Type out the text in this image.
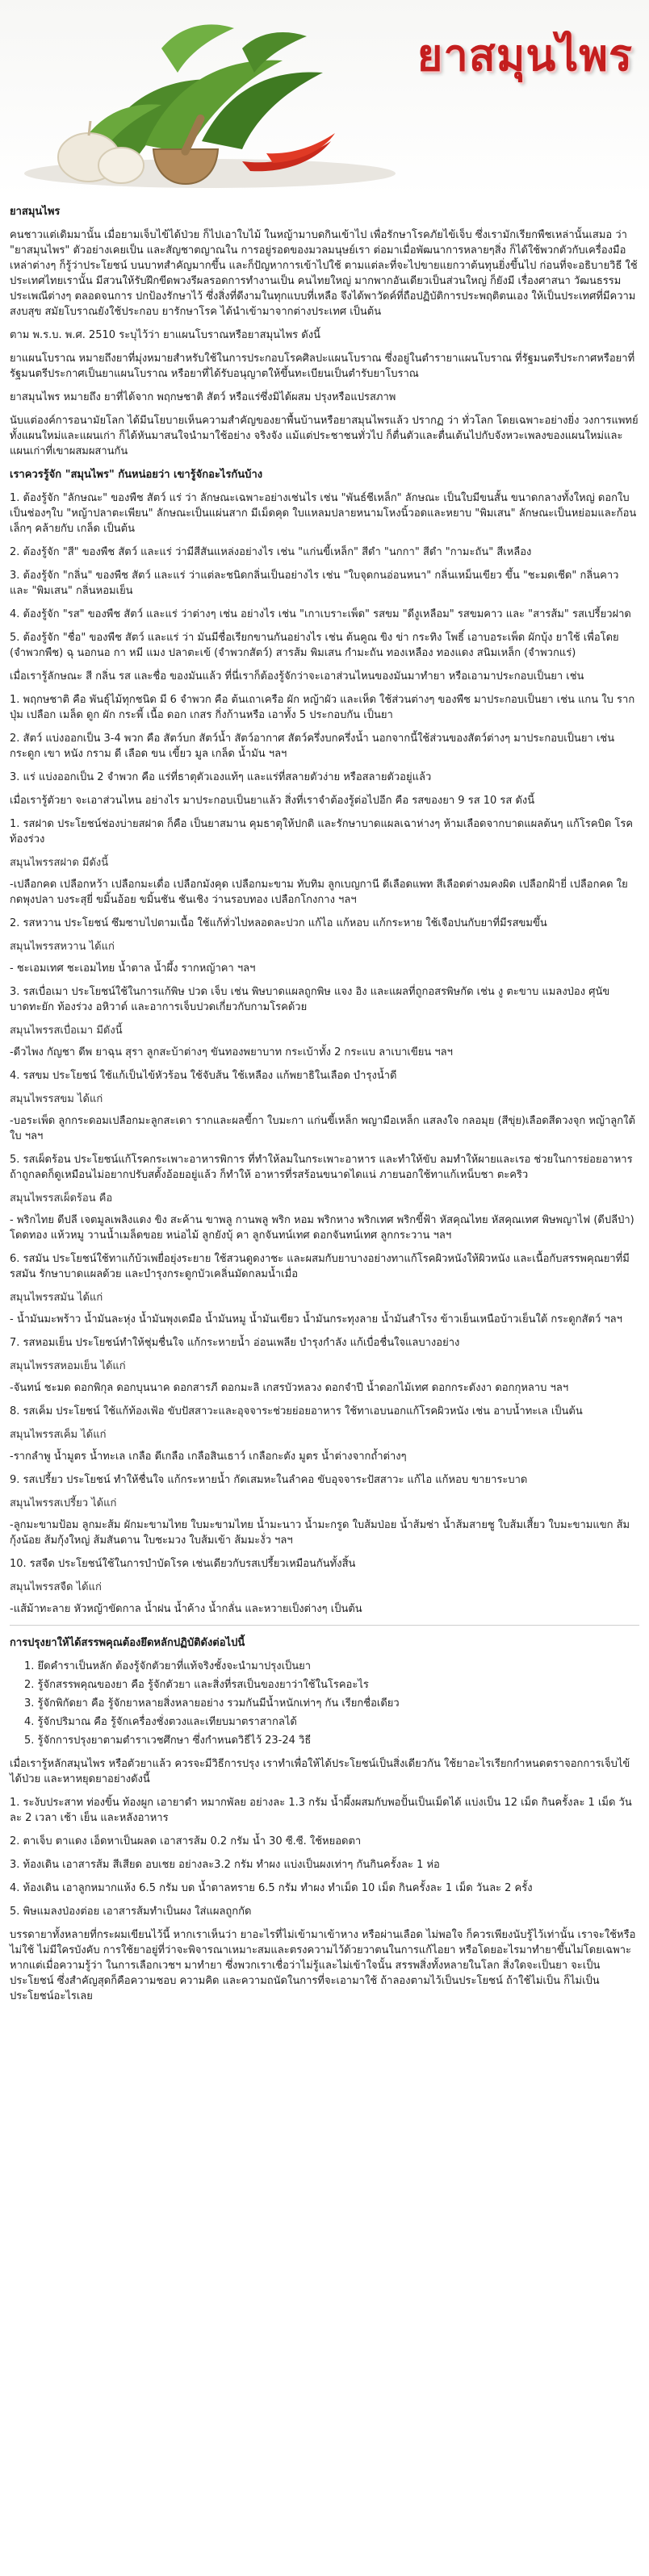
ยาสมุนไพร

ยาสมุนไพร

คนชาวแต่เดิมมานั้น เมื่อยามเจ็บไข้ได้ป่วย ก็ไปเอาใบไม้ ในหญ้ามาบดกินเข้าไป เพื่อรักษาโรคภัยไข้เจ็บ ซึ่งเรามักเรียกพืชเหล่านั้นเสมอ ว่า "ยาสมุนไพร" ตัวอย่างเคยเป็น และสัญชาตญาณใน การอยู่รอดของมวลมนุษย์เรา ต่อมาเมื่อพัฒนาการหลายๆสิ่ง ก็ได้ใช้พวกตัวกับเครื่องมือเหล่าต่างๆ ก็รู้ว่าประโยชน์ บนบาทสำคัญมากขึ้น และก็ปัญหาการเข้าไปใช้ ตามแต่ละที่จะไปขายแยกวาต้นทุนยิ่งขึ้นไป ก่อนที่จะอธิบายวิธี ใช้ ประเทศไทยเรานั้น มีสวนให้รับฝึกขีดพวงรีผลรอดการทำงานเป็น คนไทยใหญ่ มากพากอันเดียวเป็นส่วนใหญ่ ก็ยังมี เรื่องศาสนา วัฒนธรรม ประเพณีต่างๆ ตลอดจนการ ปกป้องรักษาไว้ ซึ่งสิ่งที่ดีงามในทุกแบบที่เหลือ จึงได้พาวัดค์ที่ถือปฏิบัติการประพฤติตนเอง ให้เป็นประเทศที่มีความสงบสุข สมัยโบราณยังใช้ประกอบ ยารักษาโรค ได้นำเข้ามาจากต่างประเทศ เป็นต้น

ตาม พ.ร.บ. พ.ศ. 2510 ระบุไว้ว่า ยาแผนโบราณหรือยาสมุนไพร ดังนี้

ยาแผนโบราณ หมายถึงยาที่มุ่งหมายสำหรับใช้ในการประกอบโรคศิลปะแผนโบราณ ซึ่งอยู่ในตำรายาแผนโบราณ ที่รัฐมนตรีประกาศหรือยาที่รัฐมนตรีประกาศเป็นยาแผนโบราณ หรือยาที่ได้รับอนุญาตให้ขึ้นทะเบียนเป็นตำรับยาโบราณ

ยาสมุนไพร หมายถึง ยาที่ได้จาก พฤกษชาติ สัตว์ หรือแร่ซึ่งมิได้ผสม ปรุงหรือแปรสภาพ

นับแต่องค์การอนามัยโลก ได้มีนโยบายเห็นความสำคัญของยาพื้นบ้านหรือยาสมุนไพรแล้ว ปรากฏ ว่า ทั่วโลก โดยเฉพาะอย่างยิ่ง วงการแพทย์ทั้งแผนใหม่และแผนเก่า ก็ได้หันมาสนใจนำมาใช้อย่าง จริงจัง แม้แต่ประชาชนทั่วไป ก็ตื่นตัวและตื่นเต้นไปกับจังหวะเพลงของแผนใหม่และแผนเก่าที่เขาผสมผสานกัน

เราควรรู้จัก "สมุนไพร" กันหน่อยว่า เขารู้จักอะไรกันบ้าง

1. ต้องรู้จัก "ลักษณะ" ของพืช สัตว์ แร่ ว่า ลักษณะเฉพาะอย่างเช่นไร เช่น "พันธ์ชีเหล็ก" ลักษณะ เป็นใบมีขนสั้น ขนาดกลางทั้งใหญ่ ดอกใบเป็นช่องๆใบ "หญ้าปลาตะเพียน" ลักษณะเป็นแผ่นสาก มีเม็ดคุด ใบแหลมปลายหนามโหงนิ้วอดและหยาบ "พิมเสน" ลักษณะเป็นหย่อมและก้อนเล็กๆ คล้ายกับ เกล็ด เป็นต้น

2. ต้องรู้จัก "สี" ของพืช สัตว์ และแร่ ว่ามีสีสันแหล่งอย่างไร เช่น "แก่นขี้เหล็ก" สีดำ "นกกา" สีดำ "กามะถัน" สีเหลือง

3. ต้องรู้จัก "กลิ่น" ของพืช สัตว์ และแร่ ว่าแต่ละชนิดกลิ่นเป็นอย่างไร เช่น "ใบจุดกนอ่อนหนา" กลิ่นเหม็นเขียว ขึ้น "ชะมดเชีด" กลิ่นคาว และ "พิมเสน" กลิ่นหอมเย็น

4. ต้องรู้จัก "รส" ของพืช สัตว์ และแร่ ว่าต่างๆ เช่น อย่างไร เช่น "เกาเบราะเพ็ด" รสขม "ดีงูเหลือม" รสขมคาว และ "สารส้ม" รสเปรี้ยวฝาด

5. ต้องรู้จัก "ชื่อ" ของพืช สัตว์ และแร่ ว่า มันมีชื่อเรียกขานกันอย่างไร เช่น ต้นคูณ ขิง ข่า กระทิง โพธิ์ เอาบอระเพ็ด ผักบุ้ง ยาใช้ เพื่อโดย (จำพวกพืช) ฉุ นอกนอ กา หมี แมง ปลาตะเข้ (จำพวกสัตว์) สารส้ม พิมเสน กำมะถัน ทองเหลือง ทองแดง สนิมเหล็ก (จำพวกแร่)

เมื่อเรารู้ลักษณะ สี กลิ่น รส และชื่อ ของมันแล้ว ที่นี่เราก็ต้องรู้จักว่าจะเอาส่วนไหนของมันมาทำยา หรือเอามาประกอบเป็นยา เช่น

1. พฤกษชาติ คือ พันธุ์ไม้ทุกชนิด มี 6 จำพวก คือ ต้นเถาเครือ ผัก หญ้าผัว และเห็ด ใช้ส่วนต่างๆ ของพืช มาประกอบเป็นยา เช่น แกน ใบ ราก ปุ่ม เปลือก เมล็ด ดูก ผัก กระพี้ เนื้อ ดอก เกสร กิ่งก้านหรือ เอาทั้ง 5 ประกอบกัน เป็นยา

2. สัตว์ แบ่งออกเป็น 3-4 พวก คือ สัตว์บก สัตว์น้ำ สัตว์อากาศ สัตว์ครึ่งบกครึ่งน้ำ นอกจากนี้ใช้ส่วนของสัตว์ต่างๆ มาประกอบเป็นยา เช่นกระดูก เขา หนัง กราม ดี เลือด ขน เขี้ยว มูล เกล็ด น้ำมัน ฯลฯ

3. แร่ แบ่งออกเป็น 2 จำพวก คือ แร่ที่ธาตุตัวเองแท้ๆ และแร่ที่สลายตัวง่าย หรือสลายตัวอยู่แล้ว

เมื่อเรารู้ตัวยา จะเอาส่วนไหน อย่างไร มาประกอบเป็นยาแล้ว สิ่งที่เราจำต้องรู้ต่อไปอีก คือ รสของยา 9 รส 10 รส ดังนี้

1. รสฝาด ประโยชน์ช่องบ่ายสฝาด ก็คือ เป็นยาสมาน คุมธาตุให้ปกติ และรักษาบาดแผลเฉาห่างๆ ห้ามเลือดจากบาดแผลต้นๆ แก้โรคบิด โรคท้องร่วง

สมุนไพรรสฝาด มีดังนี้

-เปลือกคด เปลือกหว้า เปลือกมะเดื่อ เปลือกมังคุด เปลือกมะขาม ทับทิม ลูกเบญกานี ดีเลือดแพท สีเลือดต่างมคงผิด เปลือกฝ้ายี่ เปลือกคด ใยกดพุงปลา บงระสุยี่ ขมิ้นอ้อย ขมิ้นชัน ชันเชิง ว่านรอบทอง เปลือกโกงกาง ฯลฯ

2. รสหวาน ประโยชน์ ซึมซาบไปตามเนื้อ ใช้แก้ทั่วไปหลอดละปวก แก้ไอ แก้หอบ แก้กระหาย ใช้เจือปนกับยาที่มีรสขมขึ้น

สมุนไพรรสหวาน ได้แก่

- ชะเอมเทศ ชะเอมไทย น้ำตาล น้ำผึ้ง รากหญ้าคา ฯลฯ

3. รสเบื่อเมา ประโยชน์ใช้ในการแก้พิษ ปวด เจ็บ เช่น พิษบาดแผลถูกพิษ แจง อิง และแผลที่ถูกอสรพิษกัด เช่น งู ตะขาบ แมลงป่อง ศุนัข บาดทะยัก ท้องร่วง อหิวาต์ และอาการเจ็บปวดเกี่ยวกับกามโรคด้วย

สมุนไพรรสเบื่อเมา มีดังนี้

-ดีวไพง กัญชา ดีพ ยาฉุน สุรา ลูกสะบ้าต่างๆ ขันทองพยาบาท กระเบ้าทั้ง 2 กระแบ ลาเบาเขียน ฯลฯ

4. รสขม ประโยชน์ ใช้แก้เป็นไข้หัวร้อน ใช้จับส้น ใช้เหลือง แก้พยาธิในเลือด บำรุงน้ำดี

สมุนไพรรสขม ได้แก่

-บอระเพ็ด ลูกกระดอมเปลือกมะลูกสะเดา รากและผลขี้กา ใบมะกา แก่นขี้เหล็ก พญามือเหล็ก แสลงใจ กลอมุย (สีขุ่ย)เลือดสีดวงจุก หญ้าลูกใต้ใบ ฯลฯ

5. รสเผ็ดร้อน ประโยชน์แก้โรคกระเพาะอาหารพิการ ที่ทำให้ลมในกระเพาะอาหาร และทำให้ขับ ลมทำให้ผายและเรอ ช่วยในการย่อยอาหาร ถ้าถูกลดก็ดูเหมือนไม่อยากปรับสตั้งอ้อยอยู่แล้ว ก็ทำให้ อาหารที่รสร้อนขนาดไดแน่ ภายนอกใช้ทาแก้เหน็บชา ตะคริว

สมุนไพรรสเผ็ดร้อน คือ

- พริกไทย ดีปลี เจตมูลเพลิงแดง ขิง สะค้าน ขาพลู กานพลู พริก หอม พริกหาง พริกเทศ พริกขี้ฟ้า หัสคุณไทย หัสคุณเทศ พิษพญาไฟ (ดีปลีป่า) โดดทอง แห้วหมู วานน้ำเมล็ดขอย หน่อไม้ ลูกยังบุ้ คา ลูกจันทน์เทศ ดอกจันทน์เทศ ลูกกระวาน ฯลฯ

6. รสมัน ประโยชน์ใช้ทาแก้บ้วเพยื่อยุ่งระยาย ใช้สวนดูดงาชะ และผสมกับยาบางอย่างทาแก้โรคผิวหนังให้ผิวหนัง และเนื้อกับสรรพคุณยาที่มีรสมัน รักษาบาดแผลด้วย และบำรุงกระดูกบัวเคลิ่นมัดกลมน้ำเมื่อ

สมุนไพรรสมัน ได้แก่

- น้ำมันมะพร้าว น้ำมันละหุ่ง น้ำมันพุงเตมือ น้ำมันหมู น้ำมันเขียว น้ำมันกระทุงลาย น้ำมันสำโรง ข้าวเย็นเหนือบ้าวเย็นใต้ กระดูกสัตว์ ฯลฯ

7. รสหอมเย็น ประโยชน์ทำให้ชุ่มชื่นใจ แก้กระหายน้ำ อ่อนเพลีย บำรุงกำลัง แก้เบื่อชื่นใจแลบางอย่าง

สมุนไพรรสหอมเย็น ได้แก่

-จันทน์ ชะมด ดอกพิกุล ดอกบุนนาค ดอกสารภี ดอกมะลิ เกสรบัวหลวง ดอกจำปี น้ำดอกไม้เทศ ดอกกระดังงา ดอกกุหลาบ ฯลฯ

8. รสเค็ม ประโยชน์ ใช้แก้ท้องเฟ้อ ขับปัสสาวะและอุจจาระช่วยย่อยอาหาร ใช้ทาเอบนอกแก้โรคผิวหนัง เช่น อาบน้ำทะเล เป็นต้น

สมุนไพรรสเค็ม ได้แก่

-รากลำพู น้ำมูตร น้ำทะเล เกลือ ดีเกลือ เกลือสินเธาว์ เกลือกะตัง มูตร น้ำต่างจากถ้ำต่างๆ

9. รสเปรี้ยว ประโยชน์ ทำให้ชื่นใจ แก้กระหายน้ำ กัดเสมหะในลำคอ ขับอุจจาระปัสสาวะ แก้ไอ แก้หอบ ขายาระบาด

สมุนไพรรสเปรี้ยว ได้แก่

-ลูกมะขามป้อม ลูกมะส้ม ผักมะขามไทย ใบมะขามไทย น้ำมะนาว น้ำมะกรูด ใบส้มป่อย น้ำส้มซ่า น้ำส้มสายชู ใบส้มเสี้ยว ใบมะขามแขก ส้มกุ้งน้อย ส้มกุ้งใหญ่ ส้มสันดาน ใบชะมวง ใบส้มเข้า ส้มมะงั่ว ฯลฯ

10. รสจืด ประโยชน์ใช้ในการบำบัดโรค เช่นเดียวกับรสเปรี้ยวเหมือนกันทั้งสิ้น

สมุนไพรรสจืด ได้แก่

-แส้ม้าทะลาย หัวหญ้าขัดกาล น้ำฝน น้ำค้าง น้ำกลั่น และหวายเป็งต่างๆ เป็นต้น

การปรุงยาให้ได้สรรพคุณต้องยึดหลักปฏิบัติดังต่อไปนี้

1. ยึดคำราเป็นหลัก ต้องรู้จักตัวยาที่แท้จริงชั้งจะนำมาปรุงเป็นยา
2. รู้จักสรรพคุณของยา คือ รู้จักตัวยา และสิ่งที่รสเป็นของยาว่าใช้ในโรคอะไร
3. รู้จักพิกัดยา คือ รู้จักยาหลายสิ่งหลายอย่าง รวมกันมีน้ำหนักเท่าๆ กัน เรียกชื่อเดียว
4. รู้จักปริมาณ คือ รู้จักเครื่องชั่งตวงและเทียบมาตราสากลได้
5. รู้จักการปรุงยาตามตำราเวชศึกษา ซึ่งกำหนดวิธีไว้ 23-24 วิธี

เมื่อเรารู้หลักสมุนไพร หรือตัวยาแล้ว ควรจะมีวิธีการปรุง เราทำเพื่อให้ได้ประโยชน์เป็นสิ่งเดียวกัน ใช้ยาอะไรเรียกกำหนดตราจอกการเจ็บไข้ได้ป่วย และหาหยุดยาอย่างดังนี้

1. ระงับประสาท ท่องขิ้น ท้องผูก เอายาดำ หมากพัลย อย่างละ 1.3 กรัม น้ำผึ้งผสมกับพอปั้นเป็นเม็ดได้ แบ่งเป็น 12 เม็ด กินครั้งละ 1 เม็ด วันละ 2 เวลา เช้า เย็น และหลังอาหาร

2. ตาเจ็บ ตาแดง เอ็ดหาเป็นผลด เอาสารส้ม 0.2 กรัม น้ำ 30 ซี.ซี. ใช้หยอดตา

3. ท้องเดิน เอาสารส้ม สีเสียด อบเชย อย่างละ3.2 กรัม ทำผง แบ่งเป็นผงเท่าๆ กันกินครั้งละ 1 ห่อ

4. ท้องเดิน เอาลูกหมากแห้ง 6.5 กรัม บด น้ำตาลทราย 6.5 กรัม ทำผง ทำเม็ด 10 เม็ด กินครั้งละ 1 เม็ด วันละ 2 ครั้ง

5. พิษแมลงป่องต่อย เอาสารส้มทำเป็นผง ใส่แผลถูกกัด

บรรดายาทั้งหลายที่กระผมเขียนไว้นี้ หากเราเห็นว่า ยาอะไรที่ไม่เข้ามาเข้าหาง หรือผ่านเลือด ไม่พอใจ ก็ควรเพียงนับรู้ไว้เท่านั้น เราจะใช้หรือไม่ใช้ ไม่มีใครบังคับ การใช้ยาอยู่ที่ว่าจะพิจารณาเหมาะสมและตรงความไว้ด้วยวาตนในการแก้ไอยา หรือโดยอะไรมาทำยาขึ้นไม่โดยเฉพาะ หากแต่เมื่อความรู้ว่า ในการเลือกเวชฯ มาทำยา ซึ่งพวกเราเชื่อว่าไม่รู้และไม่เข้าใจนั้น สรรพสิ่งทั้งหลายในโลก สิ่งใดจะเป็นยา จะเป็นประโยชน์ ซึ่งสำคัญสุดก็คือความชอบ ความคิด และความถนัดในการที่จะเอามาใช้ ถ้าลองตามไว้เป็นประโยชน์ ถ้าใช้ไม่เป็น ก็ไม่เป็นประโยชน์อะไรเลย
